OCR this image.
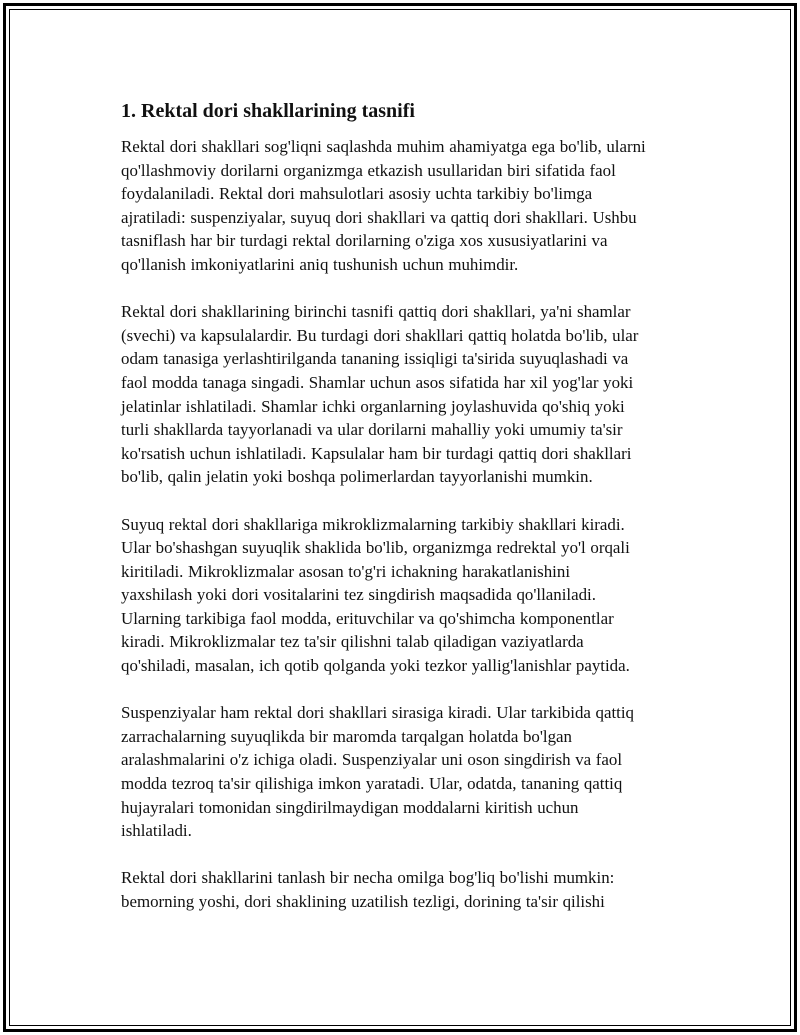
1. Rektal dori shakllarining tasnifi

Rektal dori shakllari sog'liqni saqlashda muhim ahamiyatga ega bo'lib, ularni
qo'llashmoviy dorilarni organizmga etkazish usullaridan biri sifatida faol
foydalaniladi. Rektal dori mahsulotlari asosiy uchta tarkibiy bo'limga
ajratiladi: suspenziyalar, suyuq dori shakllari va qattiq dori shakllari. Ushbu
tasniflash har bir turdagi rektal dorilarning o'ziga xos xususiyatlarini va
qo'llanish imkoniyatlarini aniq tushunish uchun muhimdir.

Rektal dori shakllarining birinchi tasnifi qattiq dori shakllari, ya'ni shamlar
(svechi) va kapsulalardir. Bu turdagi dori shakllari qattiq holatda bo'lib, ular
odam tanasiga yerlashtirilganda tananing issiqligi ta'sirida suyuqlashadi va
faol modda tanaga singadi. Shamlar uchun asos sifatida har xil yog'lar yoki
jelatinlar ishlatiladi. Shamlar ichki organlarning joylashuvida qo'shiq yoki
turli shakllarda tayyorlanadi va ular dorilarni mahalliy yoki umumiy ta'sir
ko'rsatish uchun ishlatiladi. Kapsulalar ham bir turdagi qattiq dori shakllari
bo'lib, qalin jelatin yoki boshqa polimerlardan tayyorlanishi mumkin.

Suyuq rektal dori shakllariga mikroklizmalarning tarkibiy shakllari kiradi.
Ular bo'shashgan suyuqlik shaklida bo'lib, organizmga redrektal yo'l orqali
kiritiladi. Mikroklizmalar asosan to'g'ri ichakning harakatlanishini
yaxshilash yoki dori vositalarini tez singdirish maqsadida qo'llaniladi.
Ularning tarkibiga faol modda, erituvchilar va qo'shimcha komponentlar
kiradi. Mikroklizmalar tez ta'sir qilishni talab qiladigan vaziyatlarda
qo'shiladi, masalan, ich qotib qolganda yoki tezkor yallig'lanishlar paytida.

Suspenziyalar ham rektal dori shakllari sirasiga kiradi. Ular tarkibida qattiq
zarrachalarning suyuqlikda bir maromda tarqalgan holatda bo'lgan
aralashmalarini o'z ichiga oladi. Suspenziyalar uni oson singdirish va faol
modda tezroq ta'sir qilishiga imkon yaratadi. Ular, odatda, tananing qattiq
hujayralari tomonidan singdirilmaydigan moddalarni kiritish uchun
ishlatiladi.

Rektal dori shakllarini tanlash bir necha omilga bog'liq bo'lishi mumkin:
bemorning yoshi, dori shaklining uzatilish tezligi, dorining ta'sir qilishi
